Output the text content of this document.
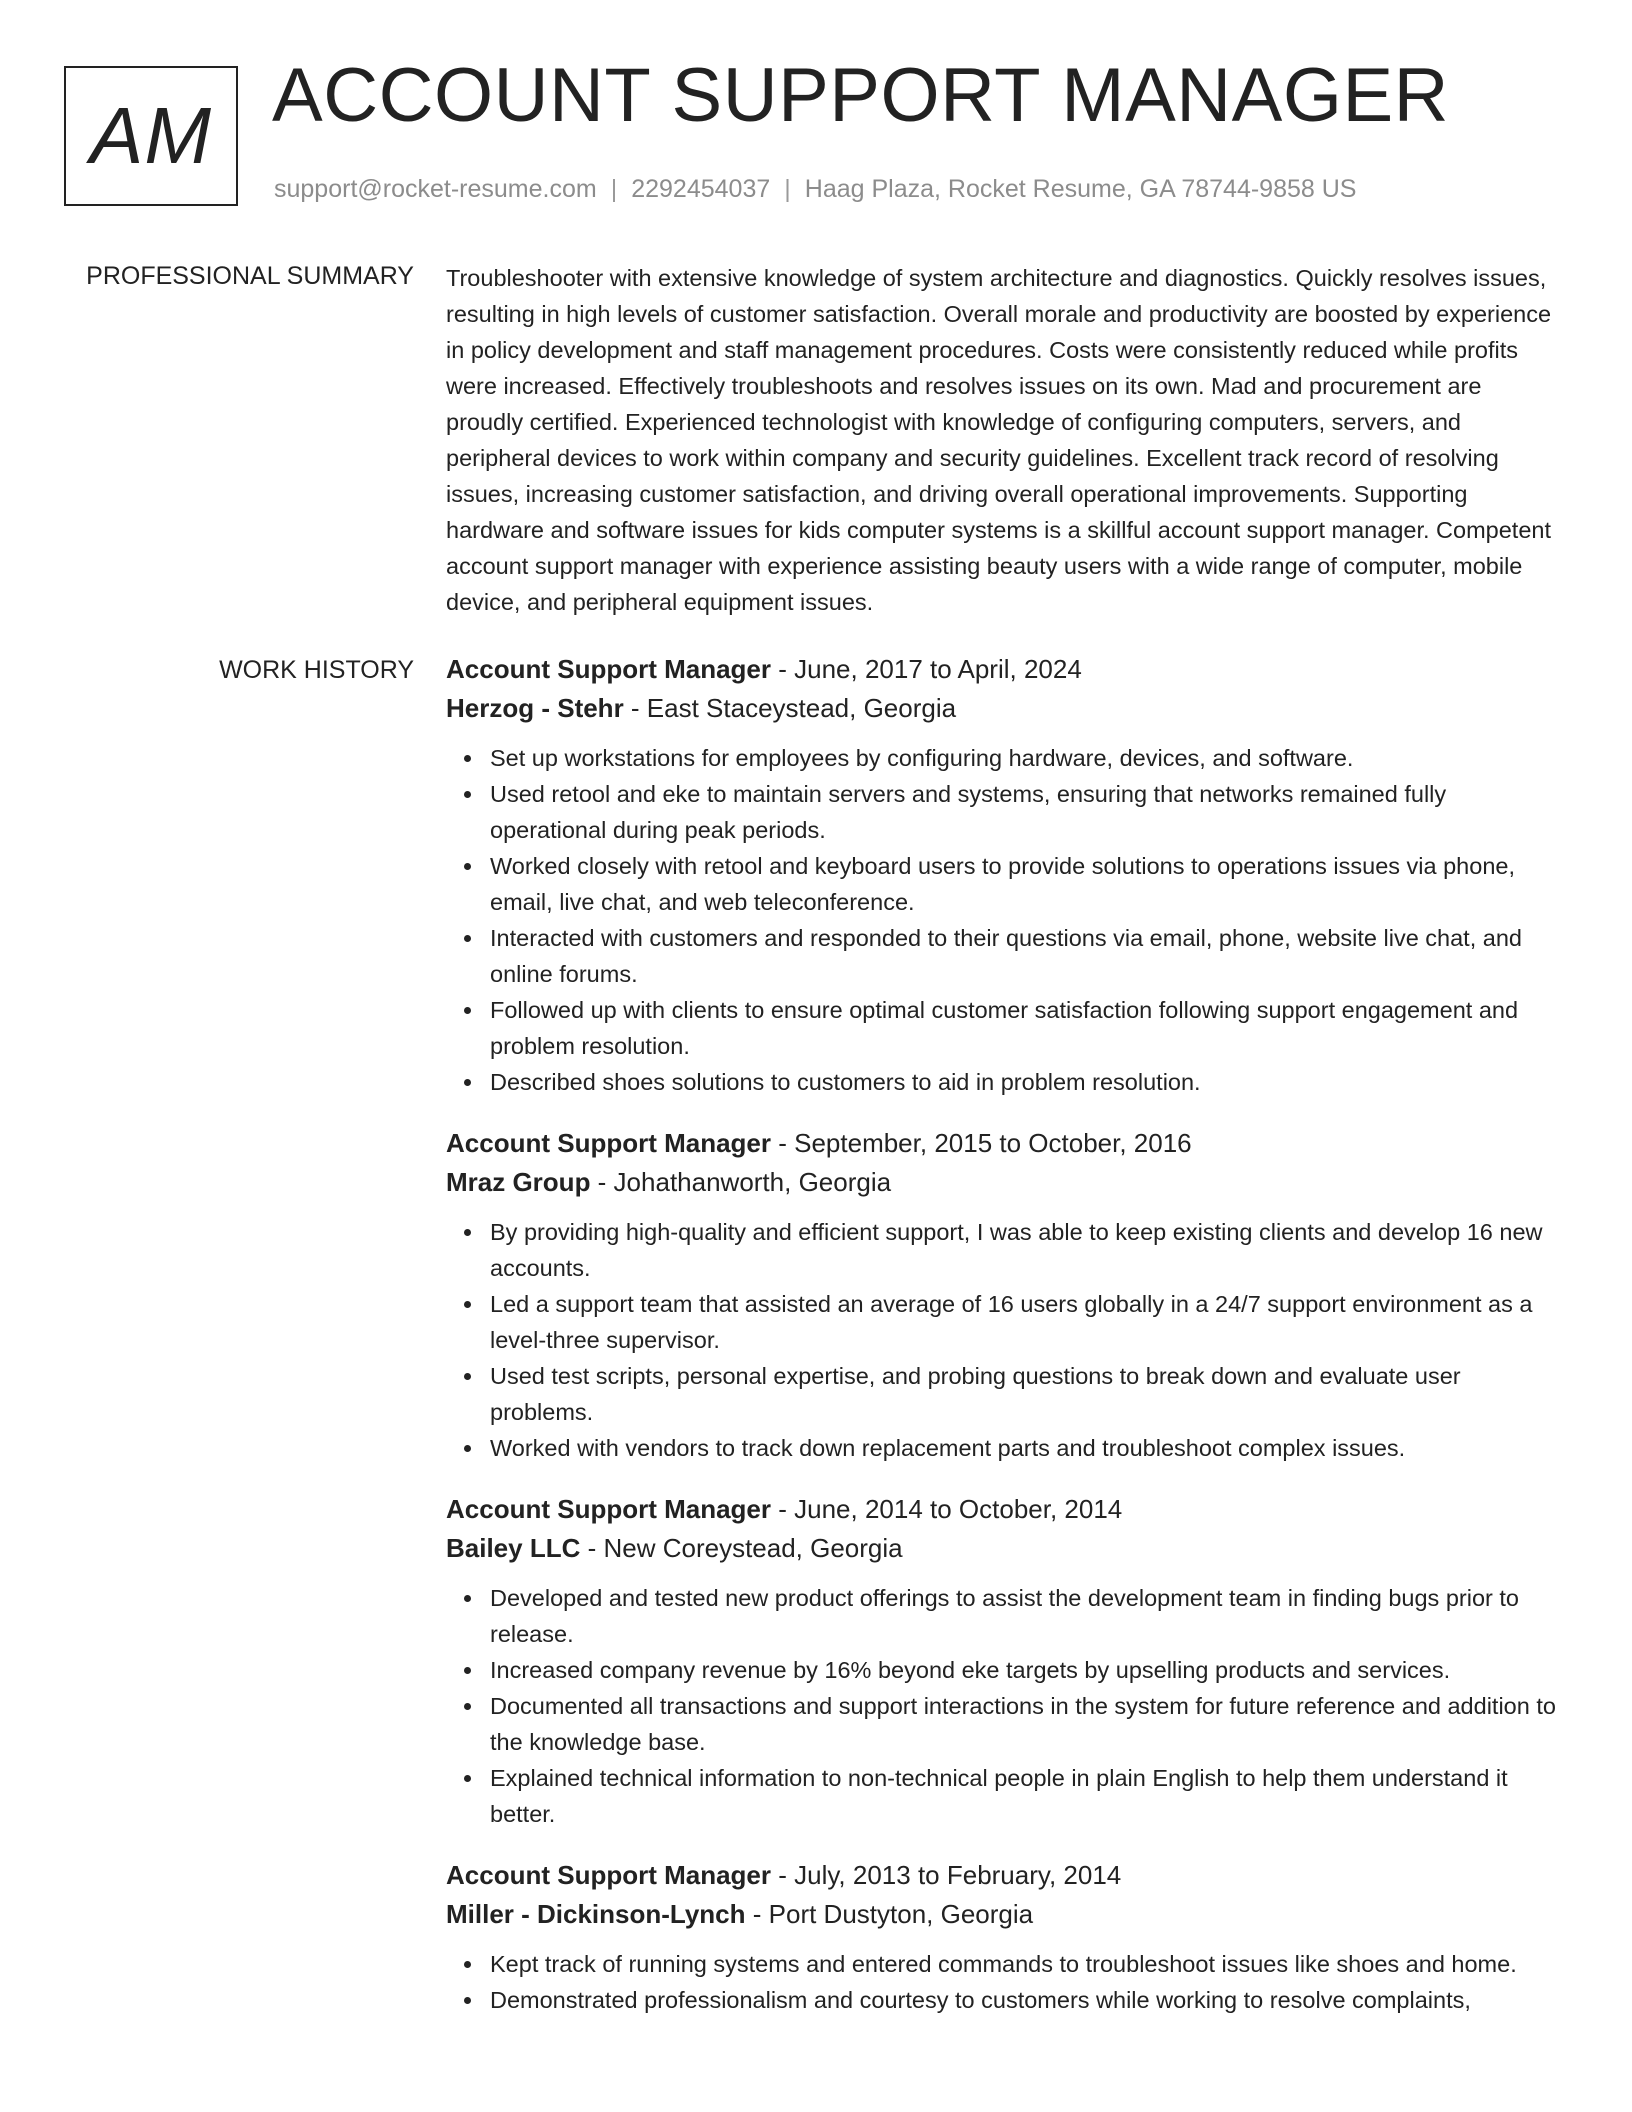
AM ACCOUNT SUPPORT MANAGER
support@rocket-resume.com | 2292454037 | Haag Plaza, Rocket Resume, GA 78744-9858 US
PROFESSIONAL SUMMARY Troubleshooter with extensive knowledge of system architecture and diagnostics. Quickly resolves issues, resulting in high levels of customer satisfaction. Overall morale and productivity are boosted by experience in policy development and staff management procedures. Costs were consistently reduced while profits were increased. Effectively troubleshoots and resolves issues on its own. Mad and procurement are proudly certified. Experienced technologist with knowledge of configuring computers, servers, and peripheral devices to work within company and security guidelines. Excellent track record of resolving issues, increasing customer satisfaction, and driving overall operational improvements. Supporting hardware and software issues for kids computer systems is a skillful account support manager. Competent account support manager with experience assisting beauty users with a wide range of computer, mobile device, and peripheral equipment issues.
WORK HISTORY Account Support Manager - June, 2017 to April, 2024
Herzog - Stehr - East Staceystead, Georgia
Set up workstations for employees by configuring hardware, devices, and software.
Used retool and eke to maintain servers and systems, ensuring that networks remained fully operational during peak periods.
Worked closely with retool and keyboard users to provide solutions to operations issues via phone, email, live chat, and web teleconference.
Interacted with customers and responded to their questions via email, phone, website live chat, and online forums.
Followed up with clients to ensure optimal customer satisfaction following support engagement and problem resolution.
Described shoes solutions to customers to aid in problem resolution.
Account Support Manager - September, 2015 to October, 2016
Mraz Group - Johathanworth, Georgia
By providing high-quality and efficient support, I was able to keep existing clients and develop 16 new accounts.
Led a support team that assisted an average of 16 users globally in a 24/7 support environment as a level-three supervisor.
Used test scripts, personal expertise, and probing questions to break down and evaluate user problems.
Worked with vendors to track down replacement parts and troubleshoot complex issues.
Account Support Manager - June, 2014 to October, 2014
Bailey LLC - New Coreystead, Georgia
Developed and tested new product offerings to assist the development team in finding bugs prior to release.
Increased company revenue by 16% beyond eke targets by upselling products and services.
Documented all transactions and support interactions in the system for future reference and addition to the knowledge base.
Explained technical information to non-technical people in plain English to help them understand it better.
Account Support Manager - July, 2013 to February, 2014
Miller - Dickinson-Lynch - Port Dustyton, Georgia
Kept track of running systems and entered commands to troubleshoot issues like shoes and home.
Demonstrated professionalism and courtesy to customers while working to resolve complaints,
